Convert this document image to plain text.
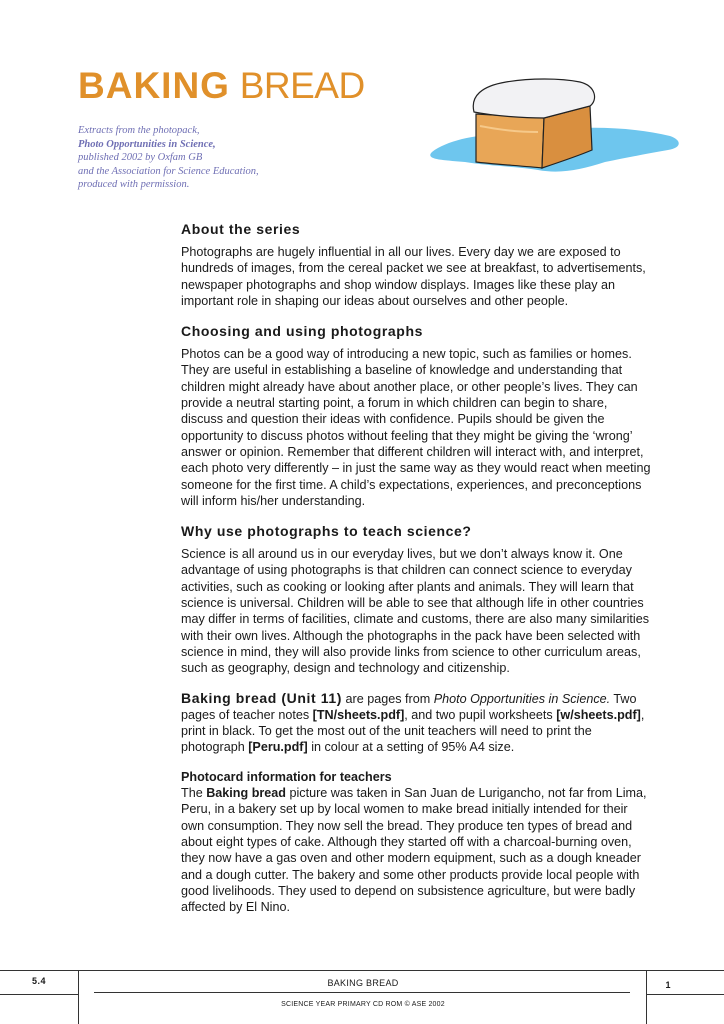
BAKING BREAD
Extracts from the photopack,
Photo Opportunities in Science,
published 2002 by Oxfam GB
and the Association for Science Education,
produced with permission.
About the series

Photographs are hugely influential in all our lives. Every day we are exposed to hundreds of images, from the cereal packet we see at breakfast, to advertisements, newspaper photographs and shop window displays. Images like these play an important role in shaping our ideas about ourselves and other people.

Choosing and using photographs

Photos can be a good way of introducing a new topic, such as families or homes. They are useful in establishing a baseline of knowledge and understanding that children might already have about another place, or other people’s lives. They can provide a neutral starting point, a forum in which children can begin to share, discuss and question their ideas with confidence. Pupils should be given the opportunity to discuss photos without feeling that they might be giving the ‘wrong’ answer or opinion. Remember that different children will interact with, and interpret, each photo very differently – in just the same way as they would react when meeting someone for the first time. A child’s expectations, experiences, and preconceptions will inform his/her understanding.

Why use photographs to teach science?

Science is all around us in our everyday lives, but we don’t always know it. One advantage of using photographs is that children can connect science to everyday activities, such as cooking or looking after plants and animals. They will learn that science is universal. Children will be able to see that although life in other countries may differ in terms of facilities, climate and customs, there are also many similarities with their own lives. Although the photographs in the pack have been selected with science in mind, they will also provide links from science to other curriculum areas, such as geography, design and technology and citizenship.

Baking bread (Unit 11) are pages from Photo Opportunities in Science. Two pages of teacher notes [TN/sheets.pdf], and two pupil worksheets [w/sheets.pdf], print in black. To get the most out of the unit teachers will need to print the photograph [Peru.pdf] in colour at a setting of 95% A4 size.

Photocard information for teachers

The Baking bread picture was taken in San Juan de Lurigancho, not far from Lima, Peru, in a bakery set up by local women to make bread initially intended for their own consumption. They now sell the bread. They produce ten types of bread and about eight types of cake. Although they started off with a charcoal-burning oven, they now have a gas oven and other modern equipment, such as a dough kneader and a dough cutter. The bakery and some other products provide local people with good livelihoods. They used to depend on subsistence agriculture, but were badly affected by El Nino.

5.4	BAKING BREAD
SCIENCE YEAR PRIMARY CD ROM © ASE 2002
1
